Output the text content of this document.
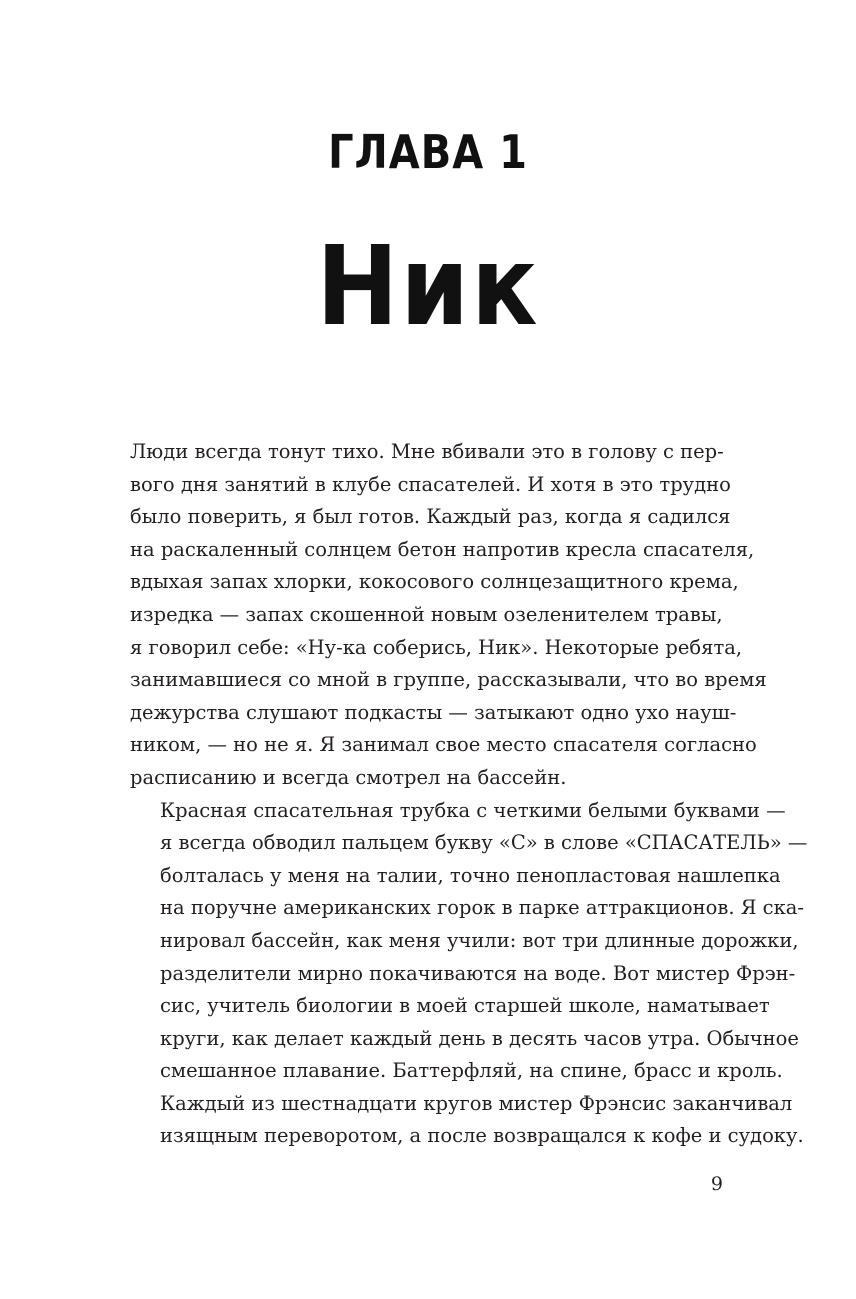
ГЛАВА 1
Ник

Люди всегда тонут тихо. Мне вбивали это в голову с пер-
вого дня занятий в клубе спасателей. И хотя в это трудно
было поверить, я был готов. Каждый раз, когда я садился
на раскаленный солнцем бетон напротив кресла спасателя,
вдыхая запах хлорки, кокосового солнцезащитного крема,
изредка — запах скошенной новым озеленителем травы,
я говорил себе: «Ну-ка соберись, Ник». Некоторые ребята,
занимавшиеся со мной в группе, рассказывали, что во время
дежурства слушают подкасты — затыкают одно ухо науш-
ником, — но не я. Я занимал свое место спасателя согласно
расписанию и всегда смотрел на бассейн.

Красная спасательная трубка с четкими белыми буквами —
я всегда обводил пальцем букву «С» в слове «СПАСАТЕЛЬ» —
болталась у меня на талии, точно пенопластовая нашлепка
на поручне американских горок в парке аттракционов. Я ска-
нировал бассейн, как меня учили: вот три длинные дорожки,
разделители мирно покачиваются на воде. Вот мистер Фрэн-
сис, учитель биологии в моей старшей школе, наматывает
круги, как делает каждый день в десять часов утра. Обычное
смешанное плавание. Баттерфляй, на спине, брасс и кроль.
Каждый из шестнадцати кругов мистер Фрэнсис заканчивал
изящным переворотом, а после возвращался к кофе и судоку.

9
